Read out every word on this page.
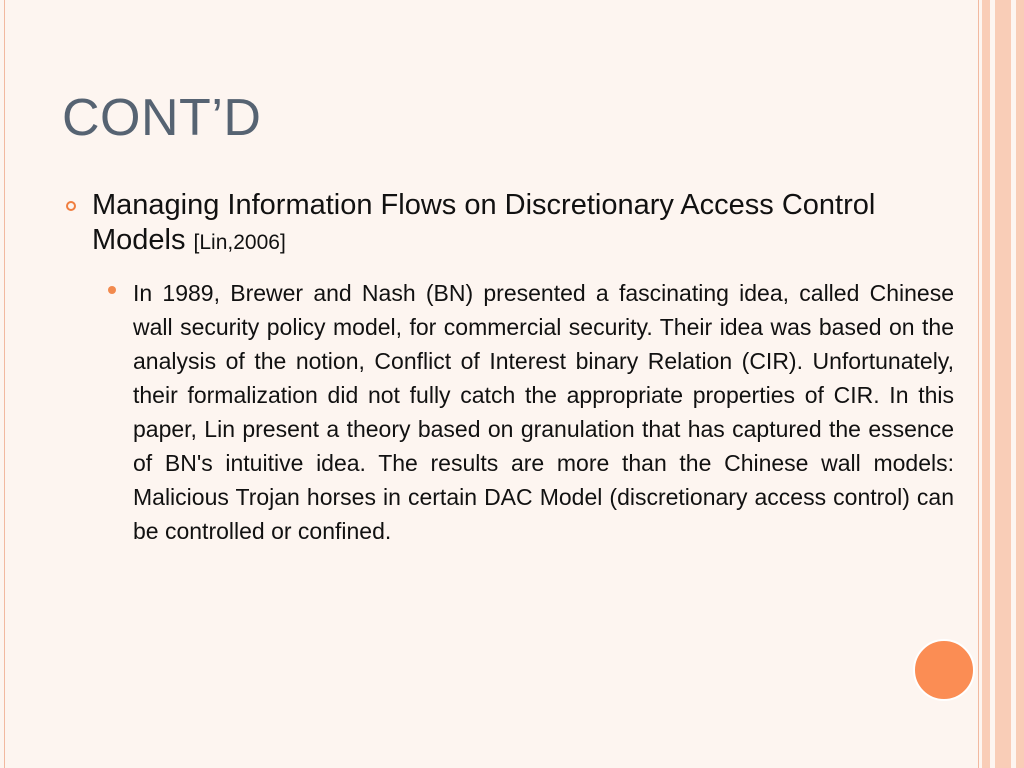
CONT’D
Managing Information Flows on Discretionary Access Control Models [Lin,2006]
In 1989, Brewer and Nash (BN) presented a fascinating idea, called Chinese wall security policy model, for commercial security. Their idea was based on the analysis of the notion, Conflict of Interest binary Relation (CIR). Unfortunately, their formalization did not fully catch the appropriate properties of CIR. In this paper, Lin present a theory based on granulation that has captured the essence of BN's intuitive idea. The results are more than the Chinese wall models: Malicious Trojan horses in certain DAC Model (discretionary access control) can be controlled or confined.
